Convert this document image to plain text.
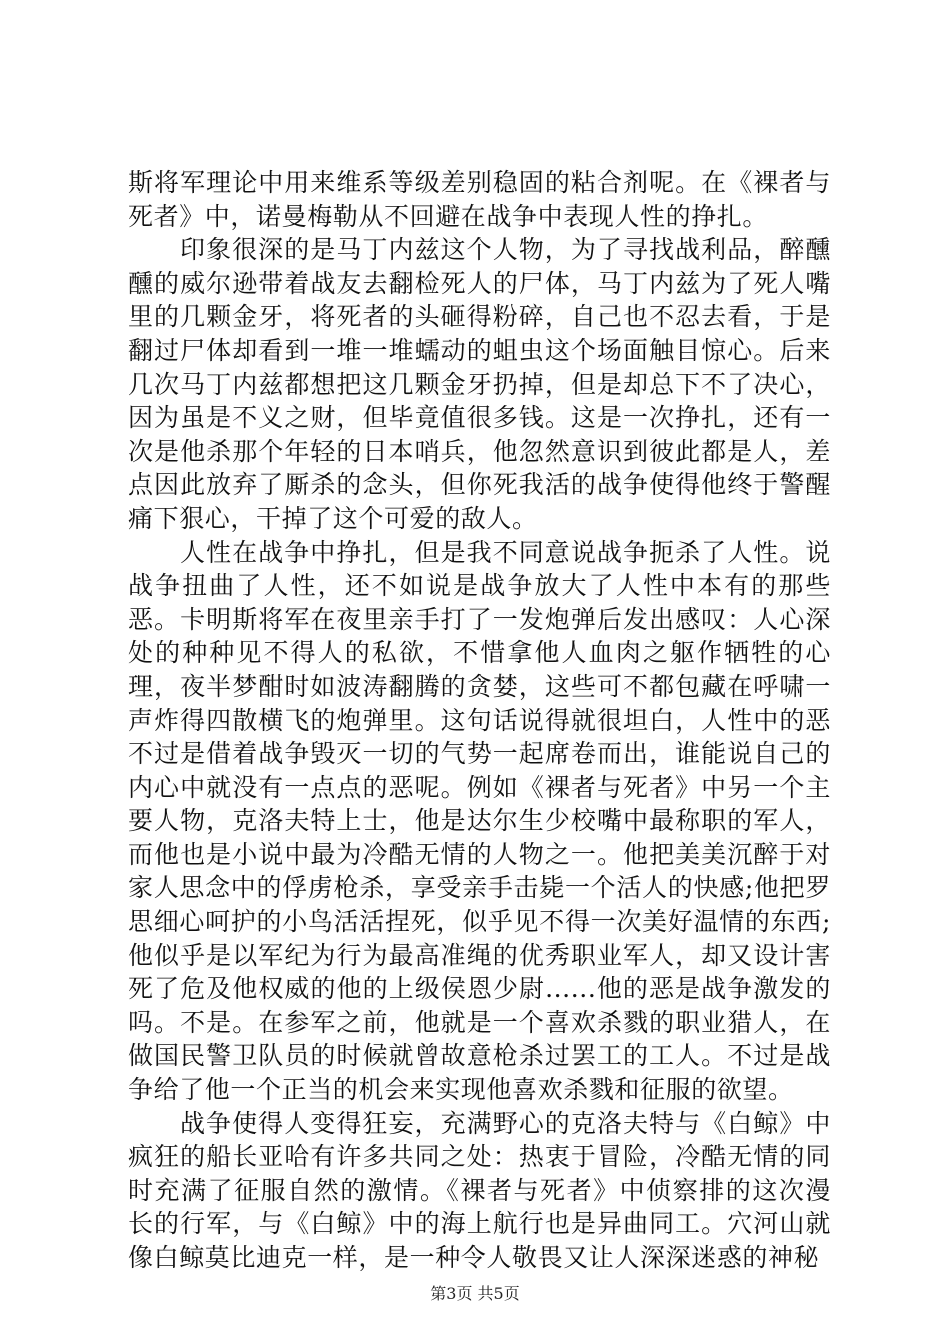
斯将军理论中用来维系等级差别稳固的粘合剂呢。在《裸者与死者》中，诺曼梅勒从不回避在战争中表现人性的挣扎。

印象很深的是马丁内兹这个人物，为了寻找战利品，醉醺醺的威尔逊带着战友去翻检死人的尸体，马丁内兹为了死人嘴里的几颗金牙，将死者的头砸得粉碎，自己也不忍去看，于是翻过尸体却看到一堆一堆蠕动的蛆虫这个场面触目惊心。后来几次马丁内兹都想把这几颗金牙扔掉，但是却总下不了决心，因为虽是不义之财，但毕竟值很多钱。这是一次挣扎，还有一次是他杀那个年轻的日本哨兵，他忽然意识到彼此都是人，差点因此放弃了厮杀的念头，但你死我活的战争使得他终于警醒痛下狠心，干掉了这个可爱的敌人。

人性在战争中挣扎，但是我不同意说战争扼杀了人性。说战争扭曲了人性，还不如说是战争放大了人性中本有的那些恶。卡明斯将军在夜里亲手打了一发炮弹后发出感叹：人心深处的种种见不得人的私欲，不惜拿他人血肉之躯作牺牲的心理，夜半梦酣时如波涛翻腾的贪婪，这些可不都包藏在呼啸一声炸得四散横飞的炮弹里。这句话说得就很坦白，人性中的恶不过是借着战争毁灭一切的气势一起席卷而出，谁能说自己的内心中就没有一点点的恶呢。例如《裸者与死者》中另一个主要人物，克洛夫特上士，他是达尔生少校嘴中最称职的军人，而他也是小说中最为冷酷无情的人物之一。他把美美沉醉于对家人思念中的俘虏枪杀，享受亲手击毙一个活人的快感;他把罗思细心呵护的小鸟活活捏死，似乎见不得一次美好温情的东西;他似乎是以军纪为行为最高准绳的优秀职业军人，却又设计害死了危及他权威的他的上级侯恩少尉......他的恶是战争激发的吗。不是。在参军之前，他就是一个喜欢杀戮的职业猎人，在做国民警卫队员的时候就曾故意枪杀过罢工的工人。不过是战争给了他一个正当的机会来实现他喜欢杀戮和征服的欲望。

战争使得人变得狂妄，充满野心的克洛夫特与《白鲸》中疯狂的船长亚哈有许多共同之处：热衷于冒险，冷酷无情的同时充满了征服自然的激情。《裸者与死者》中侦察排的这次漫长的行军，与《白鲸》中的海上航行也是异曲同工。穴河山就像白鲸莫比迪克一样，是一种令人敬畏又让人深深迷惑的神秘

第3页 共5页
